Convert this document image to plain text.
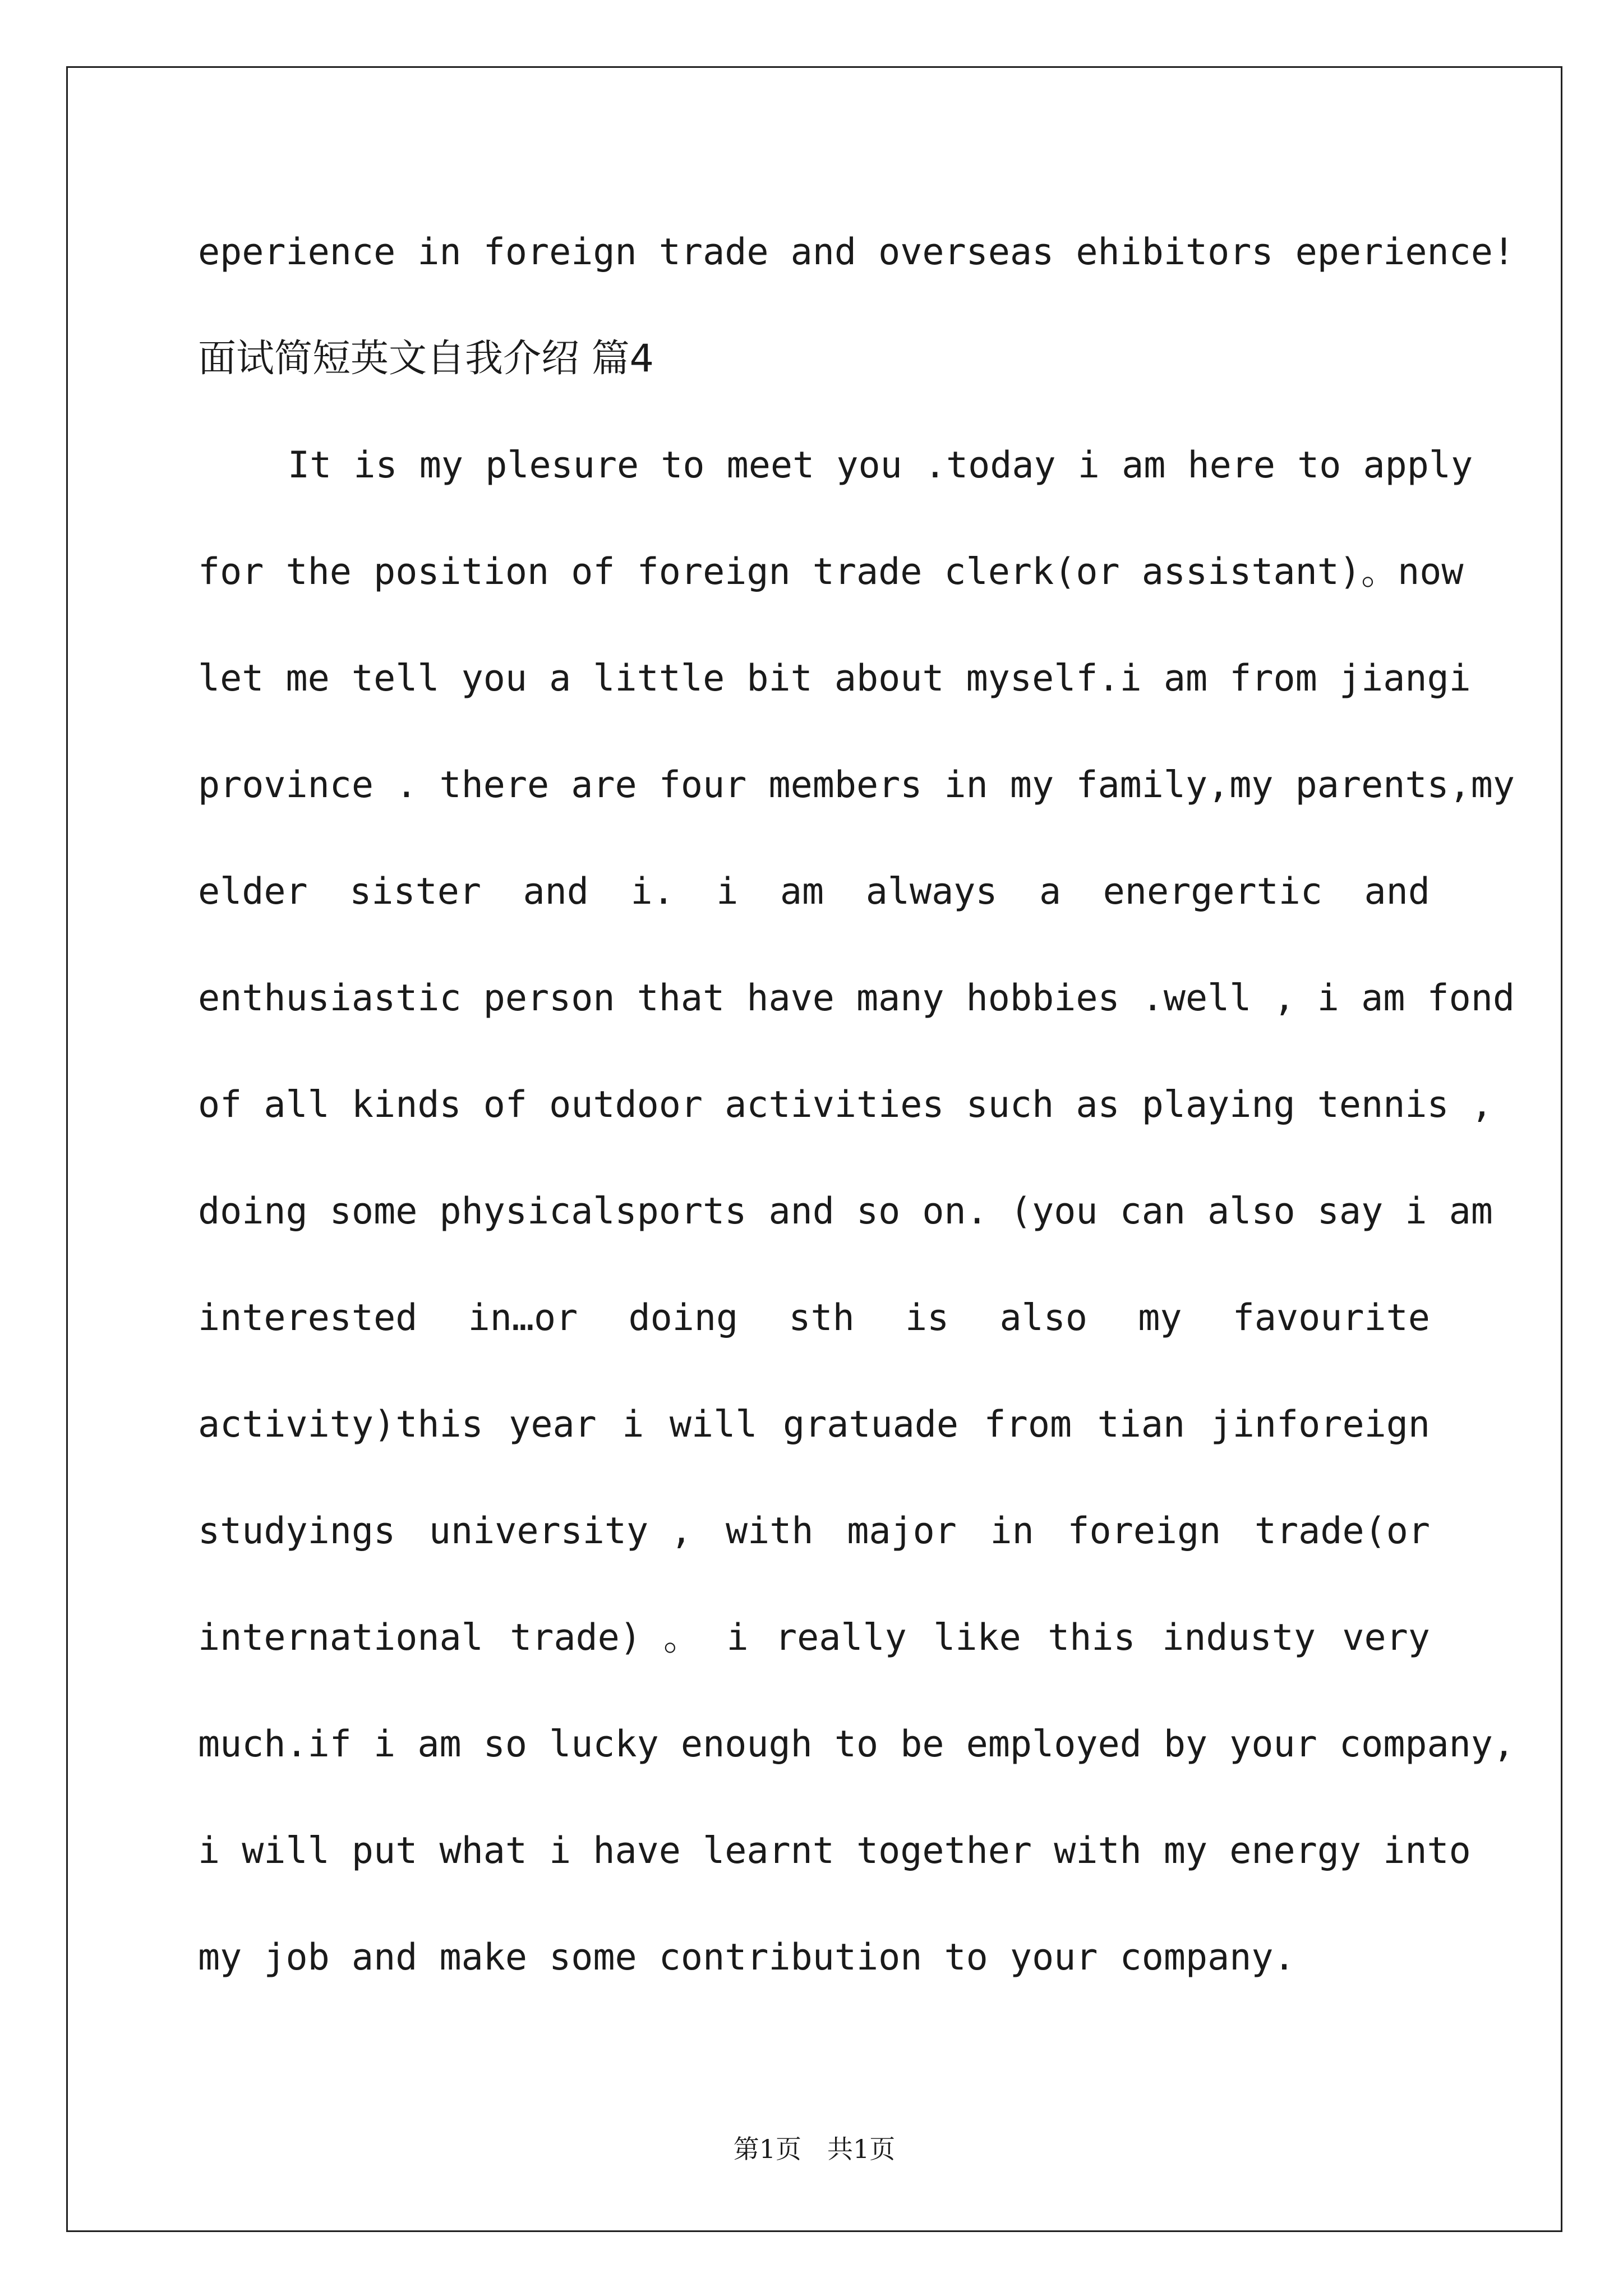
eperience in foreign trade and overseas ehibitors eperience!
面试简短英文自我介绍 篇4
It is my plesure to meet you .today i am here to apply
for the position of foreign trade clerk(or assistant)。now
let me tell you a little bit about myself.i am from jiangi
province . there are four members in my family,my parents,my
elder sister and i. i am always a energertic and
enthusiastic person that have many hobbies .well , i am fond
of all kinds of outdoor activities such as playing tennis ,
doing some physicalsports and so on. (you can also say i am
interested in…or doing sth is also my favourite
activity)this year i will gratuade from tian jinforeign
studyings university , with major in foreign trade(or
international trade) 。 i really like this industy very
much.if i am so lucky enough to be employed by your company,
i will put what i have learnt together with my energy into
my job and make some contribution to your company.
第1页　共1页
